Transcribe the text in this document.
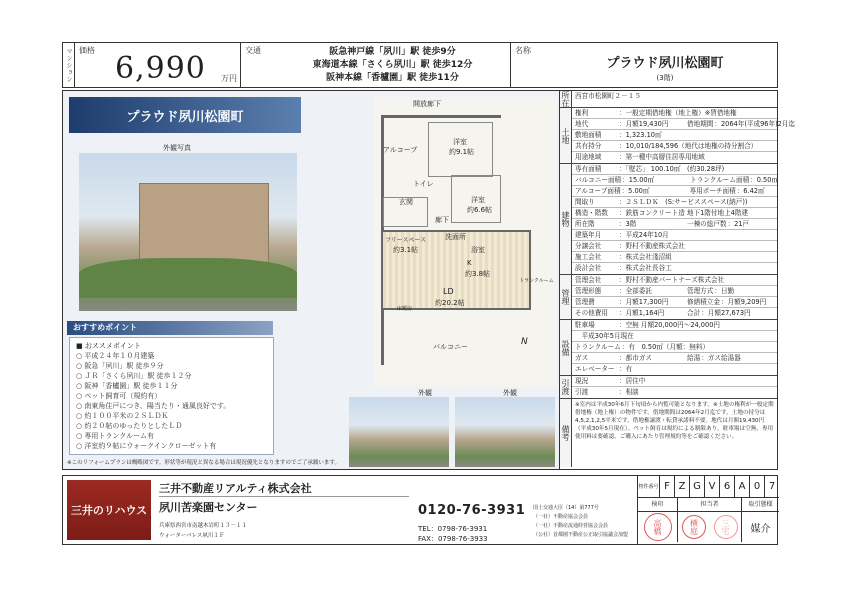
マンション 価格
6,990 万円
交通	阪急神戸線「夙川」駅 徒歩9分
東海道本線「さくら夙川」駅 徒歩12分
阪神本線「香櫨園」駅 徒歩11分
名称
プラウド夙川松園町
(3階)
プラウド夙川松園町
外観写真
開放廊下
洋室
約9.1帖
アルコーブ
トイレ
洋室
約6.6帖
玄関
フリースペース
約3.1帖
廊下
洗面所
浴室
K
約3.8帖
LD
約20.2帖
床暖房
バルコニー	N
トランクルーム
外観	外観
おすすめポイント
■ おススメポイント
○ 平成２４年１０月建築
○ 阪急「夙川」駅 徒歩９分
○ ＪＲ「さくら夙川」駅 徒歩１２分
○ 阪神「香櫨園」駅 徒歩１１分
○ ペット飼育可（規約有）
○ 南東角住戸につき、陽当たり・通風良好です。
○ 約１００平米の２ＳＬＤＫ
○ 約２０帖のゆったりとしたＬＤ
○ 専用トランクルーム有
○ 洋室約９帖にウォークインクローゼット有
※このリフォームプランは概略図です。形状等が現況と異なる場合は現況優先となりますのでご了承願います。
所在 西宮市松園町２－１５
土地
権利	：一般定期借地権（地上権）※賃借地権
地代	：月額19,430円	借地期間 ：2064年(平成96年)2月迄
敷地面積	：1,323.10㎡
共有持分	：10,010/184,596（地代は地権の持分割合）
用途地域	：第一種中高層住居専用地域
建物
専有面積	：「壁芯」 100.10㎡　(約30.28坪)
バルコニー面積 ：15.00㎡	トランクルーム面積 ：0.50㎡
アルコーブ面積 ：5.00㎡	専用ポーチ面積 ：6.42㎡
間取り	：２ＳＬＤＫ　(S:サービススペース(納戸))
構造・階数	：鉄筋コンクリート造 地下1階付地上4階建
所在階	：3階	一棟の総戸数 ：21戸
建築年月	：平成24年10月
分譲会社	：野村不動産株式会社
施工会社	：株式会社淺沼組
設計会社	：株式会社長谷工
管理
管理会社	：野村不動産パートナーズ株式会社
管理形態	：全部委託	管理方式 ：日勤
管理費	：月額17,300円	修繕積立金 ：月額9,209円
その他費用	：月額1,164円	合計 ：月額27,673円
設備
駐車場	：空無 月額20,000円～24,000円
　平成30年5月現在
トランクルーム ：有　0.50㎡（月額：無料）
ガス	：都市ガス	給湯 ：ガス給湯器
エレベーター ：有
引渡 現況	：居住中
引渡	：相談
備考
※室内は平成30年6月下旬頃から内覧可能となります。※土地の権利が一般定期借地権（地上権）の物件です。借地期間は2064年2月迄です。土地の持分は4,5,2,1,2,5平米です。借地権譲渡・転貸承諾料不要。地代は月額19,430円（平成30年5月現在）。ペット飼育は規約による制限あり。駐車場は空無、専用使用料は要確認。ご購入にあたり管理規約等をご確認ください。
三井のリハウス
三井不動産リアルティ株式会社
夙川苦楽園センター
兵庫県西宮市南越木岩町１３－１１
ウォーターパレス夙川１Ｆ
0120-76-3931
TEL：0798-76-3931
FAX：0798-76-3933
国土交通大臣（14）第777号
（一社）不動産協会会員
（一社）不動産流通経営協会会員
（公社）首都圏不動産公正取引協議会加盟
物件番号 F Z G V 6 A 0 7
検印	担当者	取引態様
高橋	横庭	三宅	媒介
